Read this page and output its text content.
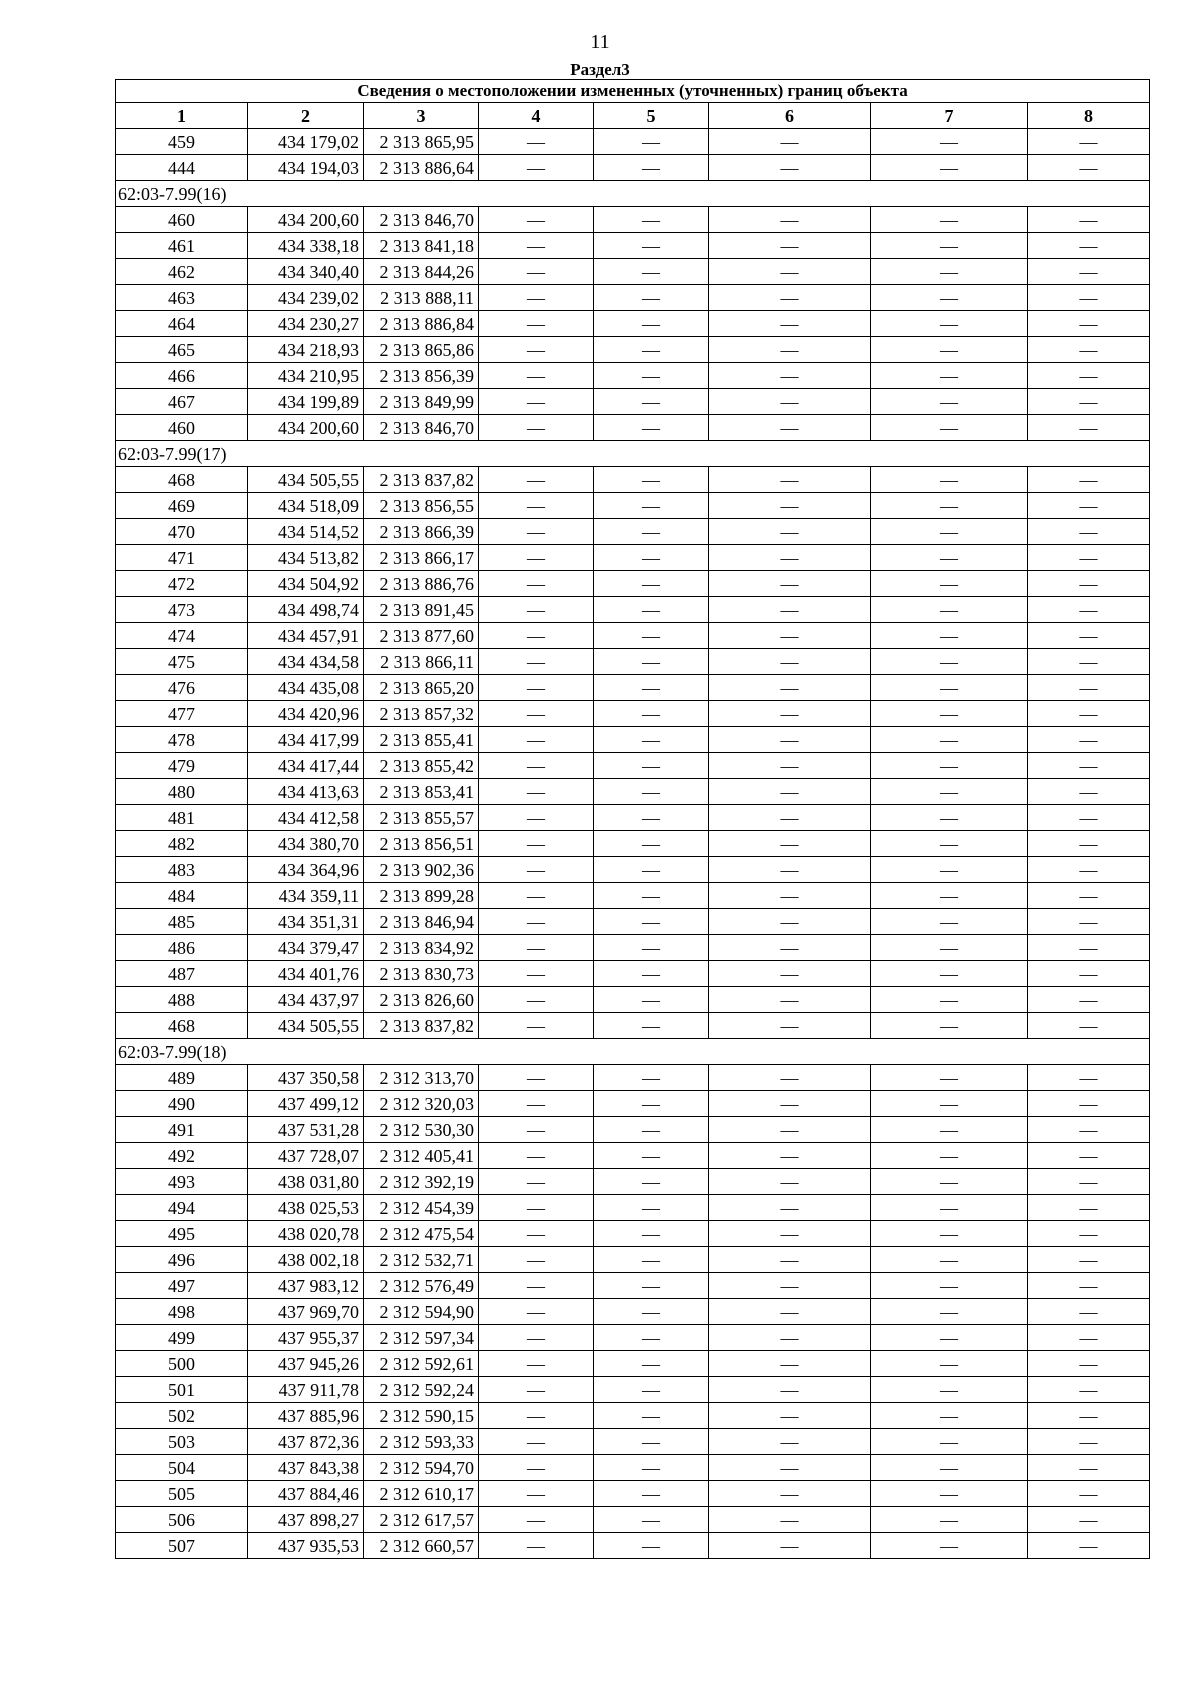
11
Раздел3
Сведения о местоположении измененных (уточненных) границ объекта							
1	2	3	4	5	6	7	8
459	434 179,02	2 313 865,95	—	—	—	—	—
444	434 194,03	2 313 886,64	—	—	—	—	—
62:03-7.99(16)							
460	434 200,60	2 313 846,70	—	—	—	—	—
461	434 338,18	2 313 841,18	—	—	—	—	—
462	434 340,40	2 313 844,26	—	—	—	—	—
463	434 239,02	2 313 888,11	—	—	—	—	—
464	434 230,27	2 313 886,84	—	—	—	—	—
465	434 218,93	2 313 865,86	—	—	—	—	—
466	434 210,95	2 313 856,39	—	—	—	—	—
467	434 199,89	2 313 849,99	—	—	—	—	—
460	434 200,60	2 313 846,70	—	—	—	—	—
62:03-7.99(17)							
468	434 505,55	2 313 837,82	—	—	—	—	—
469	434 518,09	2 313 856,55	—	—	—	—	—
470	434 514,52	2 313 866,39	—	—	—	—	—
471	434 513,82	2 313 866,17	—	—	—	—	—
472	434 504,92	2 313 886,76	—	—	—	—	—
473	434 498,74	2 313 891,45	—	—	—	—	—
474	434 457,91	2 313 877,60	—	—	—	—	—
475	434 434,58	2 313 866,11	—	—	—	—	—
476	434 435,08	2 313 865,20	—	—	—	—	—
477	434 420,96	2 313 857,32	—	—	—	—	—
478	434 417,99	2 313 855,41	—	—	—	—	—
479	434 417,44	2 313 855,42	—	—	—	—	—
480	434 413,63	2 313 853,41	—	—	—	—	—
481	434 412,58	2 313 855,57	—	—	—	—	—
482	434 380,70	2 313 856,51	—	—	—	—	—
483	434 364,96	2 313 902,36	—	—	—	—	—
484	434 359,11	2 313 899,28	—	—	—	—	—
485	434 351,31	2 313 846,94	—	—	—	—	—
486	434 379,47	2 313 834,92	—	—	—	—	—
487	434 401,76	2 313 830,73	—	—	—	—	—
488	434 437,97	2 313 826,60	—	—	—	—	—
468	434 505,55	2 313 837,82	—	—	—	—	—
62:03-7.99(18)							
489	437 350,58	2 312 313,70	—	—	—	—	—
490	437 499,12	2 312 320,03	—	—	—	—	—
491	437 531,28	2 312 530,30	—	—	—	—	—
492	437 728,07	2 312 405,41	—	—	—	—	—
493	438 031,80	2 312 392,19	—	—	—	—	—
494	438 025,53	2 312 454,39	—	—	—	—	—
495	438 020,78	2 312 475,54	—	—	—	—	—
496	438 002,18	2 312 532,71	—	—	—	—	—
497	437 983,12	2 312 576,49	—	—	—	—	—
498	437 969,70	2 312 594,90	—	—	—	—	—
499	437 955,37	2 312 597,34	—	—	—	—	—
500	437 945,26	2 312 592,61	—	—	—	—	—
501	437 911,78	2 312 592,24	—	—	—	—	—
502	437 885,96	2 312 590,15	—	—	—	—	—
503	437 872,36	2 312 593,33	—	—	—	—	—
504	437 843,38	2 312 594,70	—	—	—	—	—
505	437 884,46	2 312 610,17	—	—	—	—	—
506	437 898,27	2 312 617,57	—	—	—	—	—
507	437 935,53	2 312 660,57	—	—	—	—	—
